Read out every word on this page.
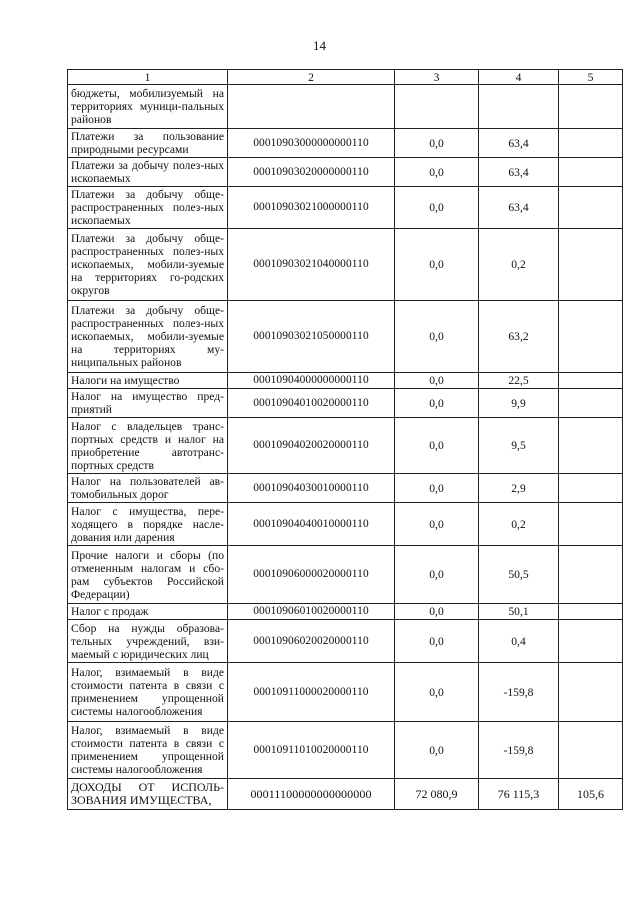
14
1	2	3	4	5
бюджеты, мобилизуемый на территориях муници-пальных районов				
Платежи за пользование природными ресурсами	00010903000000000110	0,0	63,4	
Платежи за добычу полез-ных ископаемых	00010903020000000110	0,0	63,4	
Платежи за добычу обще-распространенных полез-ных ископаемых	00010903021000000110	0,0	63,4	
Платежи за добычу обще-распространенных полез-ных ископаемых, мобили-зуемые на территориях го-родских округов	00010903021040000110	0,0	0,2	
Платежи за добычу обще-распространенных полез-ных ископаемых, мобили-зуемые на территориях му-ниципальных районов	00010903021050000110	0,0	63,2	
Налоги на имущество	00010904000000000110	0,0	22,5	
Налог на имущество пред-приятий	00010904010020000110	0,0	9,9	
Налог с владельцев транс-портных средств и налог на приобретение автотранс-портных средств	00010904020020000110	0,0	9,5	
Налог на пользователей ав-томобильных дорог	00010904030010000110	0,0	2,9	
Налог с имущества, пере-ходящего в порядке насле-дования или дарения	00010904040010000110	0,0	0,2	
Прочие налоги и сборы (по отмененным налогам и сбо-рам субъектов Российской Федерации)	00010906000020000110	0,0	50,5	
Налог с продаж	00010906010020000110	0,0	50,1	
Сбор на нужды образова-тельных учреждений, взи-маемый с юридических лиц	00010906020020000110	0,0	0,4	
Налог, взимаемый в виде стоимости патента в связи с применением упрощенной системы налогообложения	00010911000020000110	0,0	-159,8	
Налог, взимаемый в виде стоимости патента в связи с применением упрощенной системы налогообложения	00010911010020000110	0,0	-159,8	
ДОХОДЫ ОТ ИСПОЛЬ-ЗОВАНИЯ ИМУЩЕСТВА,	00011100000000000000	72 080,9	76 115,3	105,6
